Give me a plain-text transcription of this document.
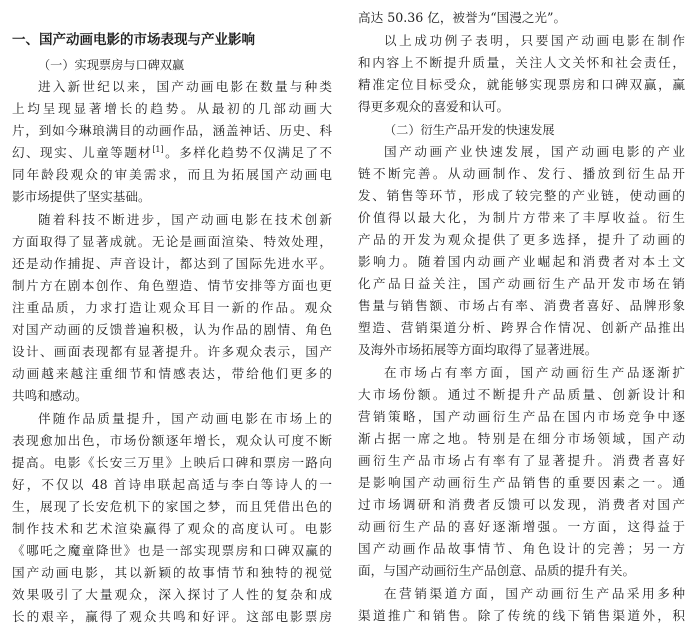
一、国产动画电影的市场表现与产业影响
（一）实现票房与口碑双赢
进入新世纪以来，国产动画电影在数量与种类
上均呈现显著增长的趋势。从最初的几部动画大
片，到如今琳琅满目的动画作品，涵盖神话、历史、科
幻、现实、儿童等题材[1]。多样化趋势不仅满足了不
同年龄段观众的审美需求，而且为拓展国产动画电
影市场提供了坚实基础。
随着科技不断进步，国产动画电影在技术创新
方面取得了显著成就。无论是画面渲染、特效处理，
还是动作捕捉、声音设计，都达到了国际先进水平。
制片方在剧本创作、角色塑造、情节安排等方面也更
注重品质，力求打造让观众耳目一新的作品。观众
对国产动画的反馈普遍积极，认为作品的剧情、角色
设计、画面表现都有显著提升。许多观众表示，国产
动画越来越注重细节和情感表达，带给他们更多的
共鸣和感动。
伴随作品质量提升，国产动画电影在市场上的
表现愈加出色，市场份额逐年增长，观众认可度不断
提高。电影《长安三万里》上映后口碑和票房一路向
好，不仅以 48 首诗串联起高适与李白等诗人的一
生，展现了长安危机下的家国之梦，而且凭借出色的
制作技术和艺术渲染赢得了观众的高度认可。电影
《哪吒之魔童降世》也是一部实现票房和口碑双赢的
国产动画电影，其以新颖的故事情节和独特的视觉
效果吸引了大量观众，深入探讨了人性的复杂和成
长的艰辛，赢得了观众共鸣和好评。这部电影票房
高达 50.36 亿，被誉为“国漫之光”。
以上成功例子表明，只要国产动画电影在制作
和内容上不断提升质量，关注人文关怀和社会责任，
精准定位目标受众，就能够实现票房和口碑双赢，赢
得更多观众的喜爱和认可。
（二）衍生产品开发的快速发展
国产动画产业快速发展，国产动画电影的产业
链不断完善。从动画制作、发行、播放到衍生品开
发、销售等环节，形成了较完整的产业链，使动画的
价值得以最大化，为制片方带来了丰厚收益。衍生
产品的开发为观众提供了更多选择，提升了动画的
影响力。随着国内动画产业崛起和消费者对本土文
化产品日益关注，国产动画衍生产品开发市场在销
售量与销售额、市场占有率、消费者喜好、品牌形象
塑造、营销渠道分析、跨界合作情况、创新产品推出
及海外市场拓展等方面均取得了显著进展。
在市场占有率方面，国产动画衍生产品逐渐扩
大市场份额。通过不断提升产品质量、创新设计和
营销策略，国产动画衍生产品在国内市场竞争中逐
渐占据一席之地。特别是在细分市场领域，国产动
画衍生产品市场占有率有了显著提升。消费者喜好
是影响国产动画衍生产品销售的重要因素之一。通
过市场调研和消费者反馈可以发现，消费者对国产
动画衍生产品的喜好逐渐增强。一方面，这得益于
国产动画作品故事情节、角色设计的完善；另一方
面，与国产动画衍生产品创意、品质的提升有关。
在营销渠道方面，国产动画衍生产品采用多种
渠道推广和销售。除了传统的线下销售渠道外，积
